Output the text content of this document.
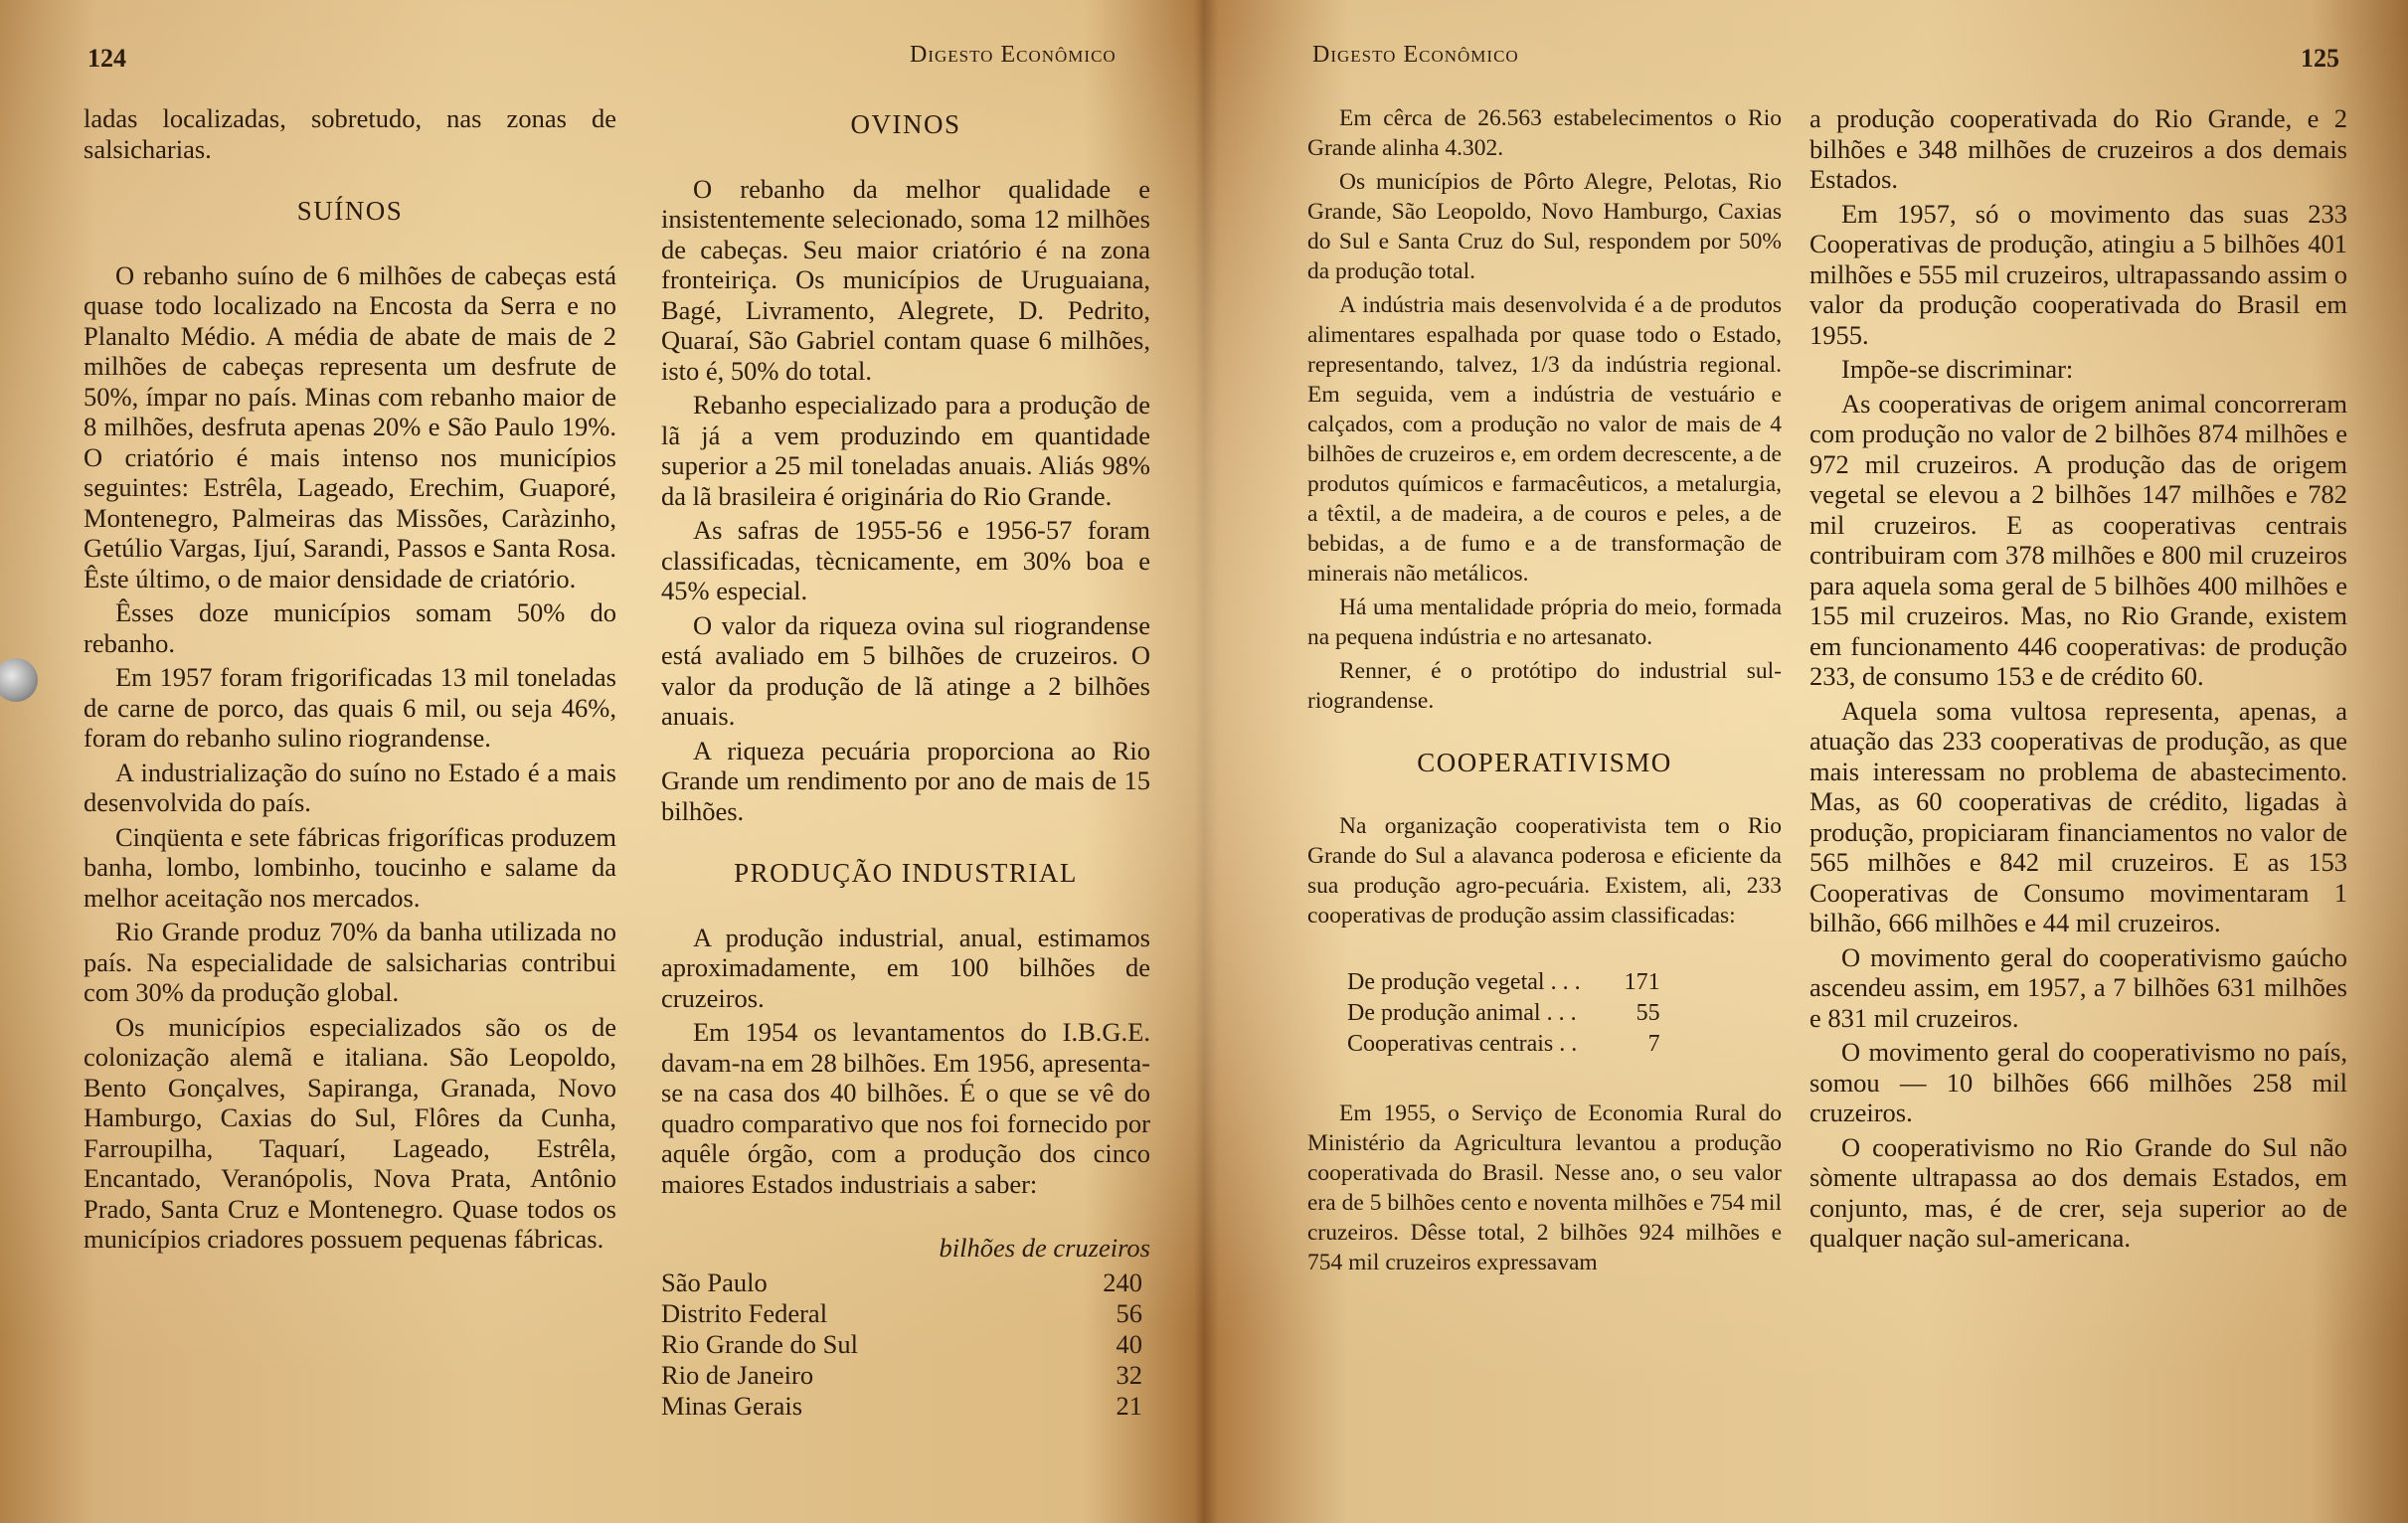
124	Digesto Econômico

ladas localizadas, sobretudo, nas zonas de salsicharias.

SUÍNOS

O rebanho suíno de 6 milhões de cabeças está quase todo localizado na Encosta da Serra e no Planalto Médio. A média de abate de mais de 2 milhões de cabeças representa um desfrute de 50%, ímpar no país. Minas com rebanho maior de 8 milhões, desfruta apenas 20% e São Paulo 19%. O criatório é mais intenso nos municípios seguintes: Estrêla, Lageado, Erechim, Guaporé, Montenegro, Palmeiras das Missões, Caràzinho, Getúlio Vargas, Ijuí, Sarandi, Passos e Santa Rosa. Êste último, o de maior densidade de criatório.

Êsses doze municípios somam 50% do rebanho.

Em 1957 foram frigorificadas 13 mil toneladas de carne de porco, das quais 6 mil, ou seja 46%, foram do rebanho sulino riograndense.

A industrialização do suíno no Estado é a mais desenvolvida do país.

Cinqüenta e sete fábricas frigoríficas produzem banha, lombo, lombinho, toucinho e salame da melhor aceitação nos mercados.

Rio Grande produz 70% da banha utilizada no país. Na especialidade de salsicharias contribui com 30% da produção global.

Os municípios especializados são os de colonização alemã e italiana. São Leopoldo, Bento Gonçalves, Sapiranga, Granada, Novo Hamburgo, Caxias do Sul, Flôres da Cunha, Farroupilha, Taquarí, Lageado, Estrêla, Encantado, Veranópolis, Nova Prata, Antônio Prado, Santa Cruz e Montenegro. Quase todos os municípios criadores possuem pequenas fábricas.

OVINOS

O rebanho da melhor qualidade e insistentemente selecionado, soma 12 milhões de cabeças. Seu maior criatório é na zona fronteiriça. Os municípios de Uruguaiana, Bagé, Livramento, Alegrete, D. Pedrito, Quaraí, São Gabriel contam quase 6 milhões, isto é, 50% do total.

Rebanho especializado para a produção de lã já a vem produzindo em quantidade superior a 25 mil toneladas anuais. Aliás 98% da lã brasileira é originária do Rio Grande.

As safras de 1955-56 e 1956-57 foram classificadas, tècnicamente, em 30% boa e 45% especial.

O valor da riqueza ovina sul riograndense está avaliado em 5 bilhões de cruzeiros. O valor da produção de lã atinge a 2 bilhões anuais.

A riqueza pecuária proporciona ao Rio Grande um rendimento por ano de mais de 15 bilhões.

PRODUÇÃO INDUSTRIAL

A produção industrial, anual, estimamos aproximadamente, em 100 bilhões de cruzeiros.

Em 1954 os levantamentos do I.B.G.E. davam-na em 28 bilhões. Em 1956, apresenta-se na casa dos 40 bilhões. É o que se vê do quadro comparativo que nos foi fornecido por aquêle órgão, com a produção dos cinco maiores Estados industriais a saber:

bilhões de cruzeiros
São Paulo	240
Distrito Federal	56
Rio Grande do Sul	40
Rio de Janeiro	32
Minas Gerais	21
Digesto Econômico	125

Em cêrca de 26.563 estabelecimentos o Rio Grande alinha 4.302.

Os municípios de Pôrto Alegre, Pelotas, Rio Grande, São Leopoldo, Novo Hamburgo, Caxias do Sul e Santa Cruz do Sul, respondem por 50% da produção total.

A indústria mais desenvolvida é a de produtos alimentares espalhada por quase todo o Estado, representando, talvez, 1/3 da indústria regional. Em seguida, vem a indústria de vestuário e calçados, com a produção no valor de mais de 4 bilhões de cruzeiros e, em ordem decrescente, a de produtos químicos e farmacêuticos, a metalurgia, a têxtil, a de madeira, a de couros e peles, a de bebidas, a de fumo e a de transformação de minerais não metálicos.

Há uma mentalidade própria do meio, formada na pequena indústria e no artesanato.

Renner, é o protótipo do industrial sul-riograndense.

COOPERATIVISMO

Na organização cooperativista tem o Rio Grande do Sul a alavanca poderosa e eficiente da sua produção agro-pecuária. Existem, ali, 233 cooperativas de produção assim classificadas:

De produção vegetal . . .	171
De produção animal . . .	55
Cooperativas centrais . .	7

Em 1955, o Serviço de Economia Rural do Ministério da Agricultura levantou a produção cooperativada do Brasil. Nesse ano, o seu valor era de 5 bilhões cento e noventa milhões e 754 mil cruzeiros. Dêsse total, 2 bilhões 924 milhões e 754 mil cruzeiros expressavam

a produção cooperativada do Rio Grande, e 2 bilhões e 348 milhões de cruzeiros a dos demais Estados.

Em 1957, só o movimento das suas 233 Cooperativas de produção, atingiu a 5 bilhões 401 milhões e 555 mil cruzeiros, ultrapassando assim o valor da produção cooperativada do Brasil em 1955.

Impõe-se discriminar:

As cooperativas de origem animal concorreram com produção no valor de 2 bilhões 874 milhões e 972 mil cruzeiros. A produção das de origem vegetal se elevou a 2 bilhões 147 milhões e 782 mil cruzeiros. E as cooperativas centrais contribuiram com 378 milhões e 800 mil cruzeiros para aquela soma geral de 5 bilhões 400 milhões e 155 mil cruzeiros. Mas, no Rio Grande, existem em funcionamento 446 cooperativas: de produção 233, de consumo 153 e de crédito 60.

Aquela soma vultosa representa, apenas, a atuação das 233 cooperativas de produção, as que mais interessam no problema de abastecimento. Mas, as 60 cooperativas de crédito, ligadas à produção, propiciaram financiamentos no valor de 565 milhões e 842 mil cruzeiros. E as 153 Cooperativas de Consumo movimentaram 1 bilhão, 666 milhões e 44 mil cruzeiros.

O movimento geral do cooperativismo gaúcho ascendeu assim, em 1957, a 7 bilhões 631 milhões e 831 mil cruzeiros.

O movimento geral do cooperativismo no país, somou — 10 bilhões 666 milhões 258 mil cruzeiros.

O cooperativismo no Rio Grande do Sul não sòmente ultrapassa ao dos demais Estados, em conjunto, mas, é de crer, seja superior ao de qualquer nação sul-americana.
